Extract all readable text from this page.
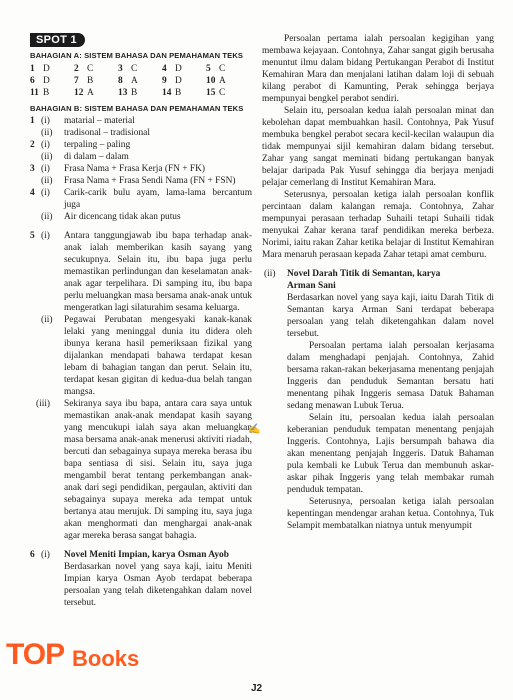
SPOT 1
BAHAGIAN A: SISTEM BAHASA DAN PEMAHAMAN TEKS
1	D	2	C	3	C	4	D	5	C
6	D	7	B	8	A	9	D	10	A
11	B	12	A	13	B	14	B	15	C
BAHAGIAN B: SISTEM BAHASA DAN PEMAHAMAN TEKS
1 (i) matarial – material
(ii) tradisonal – tradisional
2 (i) terpaling – paling
(ii) di dalam – dalam
3 (i) Frasa Nama + Frasa Kerja (FN + FK)
(ii) Frasa Nama + Frasa Sendi Nama (FN + FSN)
4 (i) Carik-carik bulu ayam, lama-lama bercantum juga
(ii) Air dicencang tidak akan putus
5 (i) Antara tanggungjawab ibu bapa terhadap anak-anak ialah memberikan kasih sayang yang secukupnya. Selain itu, ibu bapa juga perlu memastikan perlindungan dan keselamatan anak-anak agar terpelihara. Di samping itu, ibu bapa perlu meluangkan masa bersama anak-anak untuk mengeratkan lagi silaturahim sesama keluarga.
(ii) Pegawai Perubatan mengesyaki kanak-kanak lelaki yang meninggal dunia itu didera oleh ibunya kerana hasil pemeriksaan fizikal yang dijalankan mendapati bahawa terdapat kesan lebam di bahagian tangan dan perut. Selain itu, terdapat kesan gigitan di kedua-dua belah tangan mangsa.
(iii) Sekiranya saya ibu bapa, antara cara saya untuk memastikan anak-anak mendapat kasih sayang yang mencukupi ialah saya akan meluangkan masa bersama anak-anak menerusi aktiviti riadah, bercuti dan sebagainya supaya mereka berasa ibu bapa sentiasa di sisi. Selain itu, saya juga mengambil berat tentang perkembangan anak-anak dari segi pendidikan, pergaulan, aktiviti dan sebagainya supaya mereka ada tempat untuk bertanya atau merujuk. Di samping itu, saya juga akan menghormati dan menghargai anak-anak agar mereka berasa sangat bahagia.
6 (i) Novel Meniti Impian, karya Osman Ayob
Berdasarkan novel yang saya kaji, iaitu Meniti Impian karya Osman Ayob terdapat beberapa persoalan yang telah diketengahkan dalam novel tersebut.
Persoalan pertama ialah persoalan kegigihan yang membawa kejayaan. Contohnya, Zahar sangat gigih berusaha menuntut ilmu dalam bidang Pertukangan Perabot di Institut Kemahiran Mara dan menjalani latihan dalam loji di sebuah kilang perabot di Kamunting, Perak sehingga berjaya mempunyai bengkel perabot sendiri.
Selain itu, persoalan kedua ialah persoalan minat dan kebolehan dapat membuahkan hasil. Contohnya, Pak Yusuf membuka bengkel perabot secara kecil-kecilan walaupun dia tidak mempunyai sijil kemahiran dalam bidang tersebut. Zahar yang sangat meminati bidang pertukangan banyak belajar daripada Pak Yusuf sehingga dia berjaya menjadi pelajar cemerlang di Institut Kemahiran Mara.
Seterusnya, persoalan ketiga ialah persoalan konflik percintaan dalam kalangan remaja. Contohnya, Zahar mempunyai perasaan terhadap Suhaili tetapi Suhaili tidak menyukai Zahar kerana taraf pendidikan mereka berbeza. Norimi, iaitu rakan Zahar ketika belajar di Institut Kemahiran Mara menaruh perasaan kepada Zahar tetapi amat cemburu.
(ii) Novel Darah Titik di Semantan, karya
Arman Sani
Berdasarkan novel yang saya kaji, iaitu Darah Titik di Semantan karya Arman Sani terdapat beberapa persoalan yang telah diketengahkan dalam novel tersebut.
Persoalan pertama ialah persoalan kerjasama dalam menghadapi penjajah. Contohnya, Zahid bersama rakan-rakan bekerjasama menentang penjajah Inggeris dan penduduk Semantan bersatu hati menentang pihak Inggeris semasa Datuk Bahaman sedang menawan Lubuk Terua.
Selain itu, persoalan kedua ialah persoalan keberanian penduduk tempatan menentang penjajah Inggeris. Contohnya, Lajis bersumpah bahawa dia akan menentang penjajah Inggeris. Datuk Bahaman pula kembali ke Lubuk Terua dan membunuh askar-askar pihak Inggeris yang telah membakar rumah penduduk tempatan.
Seterusnya, persoalan ketiga ialah persoalan kepentingan mendengar arahan ketua. Contohnya, Tuk Selampit membatalkan niatnya untuk menyumpit
✍
TOP Books
J2
